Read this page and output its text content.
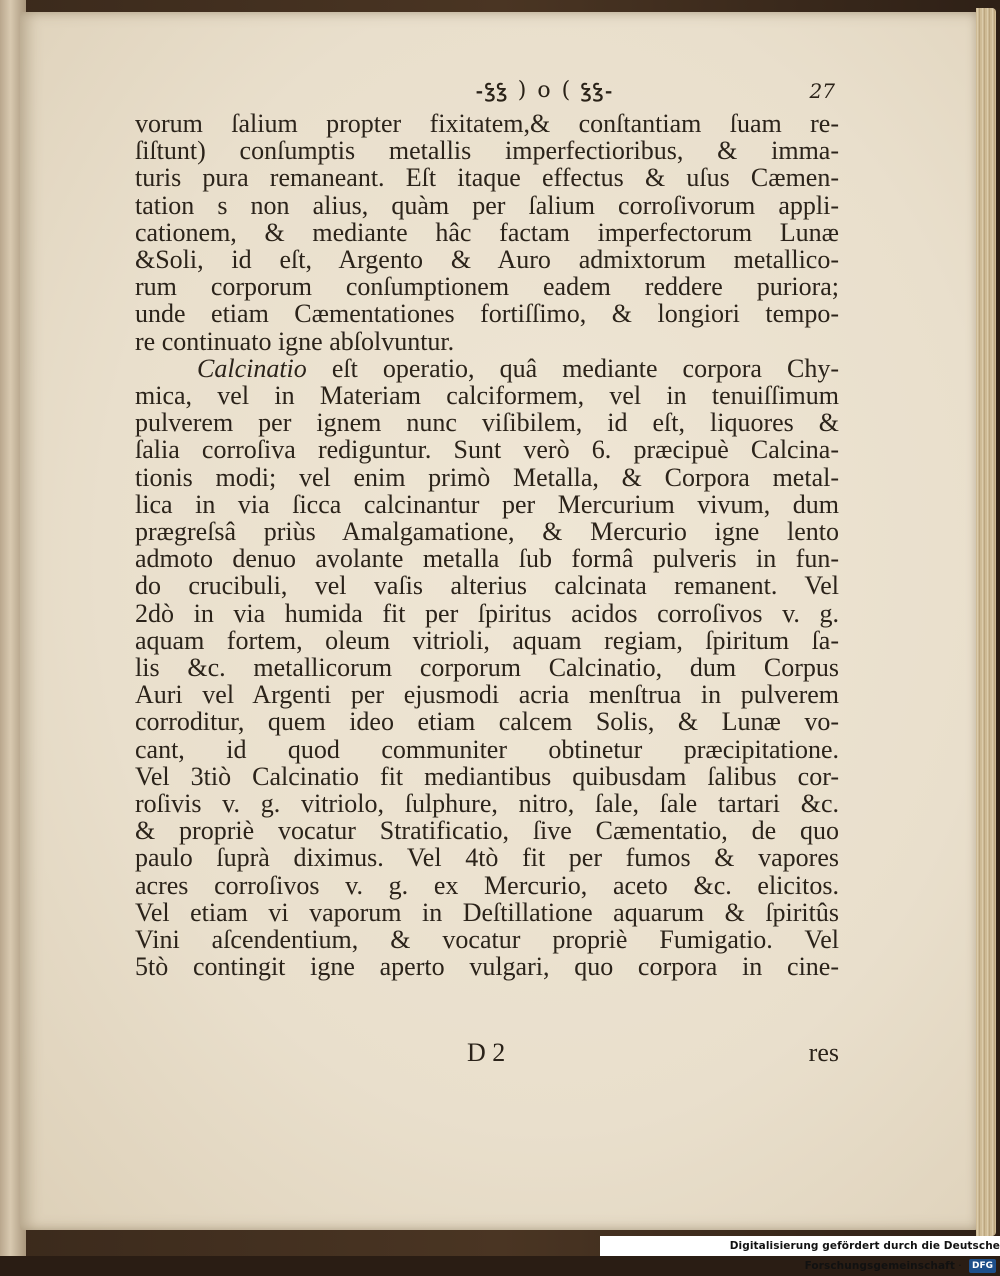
-ꝢꝢ ) o ( ꝢꝢ-	27
vorum ſalium propter fixitatem,& conſtantiam ſuam re-
ſiſtunt) conſumptis metallis imperfectioribus, & imma-
turis pura remaneant. Eſt itaque effectus & uſus Cæmen-
tation s non alius, quàm per ſalium corroſivorum appli-
cationem, & mediante hâc factam imperfectorum Lunæ
&Soli, id eſt, Argento & Auro admixtorum metallico-
rum corporum conſumptionem eadem reddere puriora;
unde etiam Cæmentationes fortiſſimo, & longiori tempo-
re continuato igne abſolvuntur.
Calcinatio eſt operatio, quâ mediante corpora Chy-
mica, vel in Materiam calciformem, vel in tenuiſſimum
pulverem per ignem nunc viſibilem, id eſt, liquores &
ſalia corroſiva rediguntur. Sunt verò 6. præcipuè Calcina-
tionis modi; vel enim primò Metalla, & Corpora metal-
lica in via ſicca calcinantur per Mercurium vivum, dum
prægreſsâ priùs Amalgamatione, & Mercurio igne lento
admoto denuo avolante metalla ſub formâ pulveris in fun-
do crucibuli, vel vaſis alterius calcinata remanent. Vel
2dò in via humida fit per ſpiritus acidos corroſivos v. g.
aquam fortem, oleum vitrioli, aquam regiam, ſpiritum ſa-
lis &c. metallicorum corporum Calcinatio, dum Corpus
Auri vel Argenti per ejusmodi acria menſtrua in pulverem
corroditur, quem ideo etiam calcem Solis, & Lunæ vo-
cant, id quod communiter obtinetur præcipitatione.
Vel 3tiò Calcinatio fit mediantibus quibusdam ſalibus cor-
roſivis v. g. vitriolo, ſulphure, nitro, ſale, ſale tartari &c.
& propriè vocatur Stratificatio, ſive Cæmentatio, de quo
paulo ſuprà diximus. Vel 4tò fit per fumos & vapores
acres corroſivos v. g. ex Mercurio, aceto &c. elicitos.
Vel etiam vi vaporum in Deſtillatione aquarum & ſpiritûs
Vini aſcendentium, & vocatur propriè Fumigatio. Vel
5tò contingit igne aperto vulgari, quo corpora in cine-
D 2	res
Digitalisierung gefördert durch die Deutsche Forschungsgemeinschaft · DFG
